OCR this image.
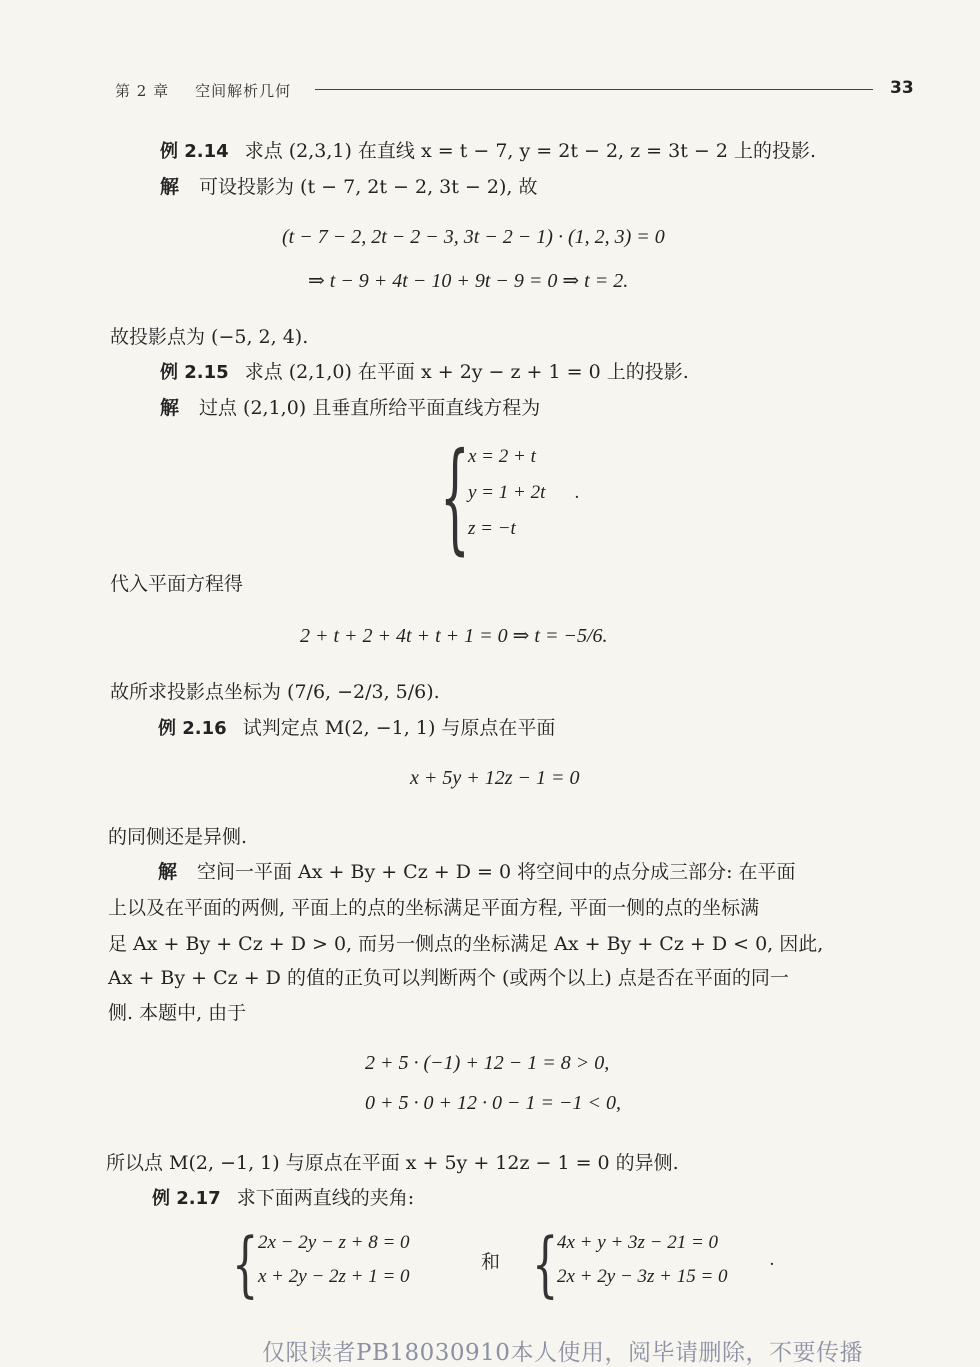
第 2 章 空间解析几何	33
例 2.14 求点 (2,3,1) 在直线 x = t − 7, y = 2t − 2, z = 3t − 2 上的投影.
解 可设投影为 (t − 7, 2t − 2, 3t − 2), 故
(t − 7 − 2, 2t − 2 − 3, 3t − 2 − 1) · (1, 2, 3) = 0
⇒ t − 9 + 4t − 10 + 9t − 9 = 0 ⇒ t = 2.
故投影点为 (−5, 2, 4).
例 2.15 求点 (2,1,0) 在平面 x + 2y − z + 1 = 0 上的投影.
解 过点 (2,1,0) 且垂直所给平面直线方程为
{
x = 2 + t
y = 1 + 2t .
z = −t
代入平面方程得
2 + t + 2 + 4t + t + 1 = 0 ⇒ t = −5/6.
故所求投影点坐标为 (7/6, −2/3, 5/6).
例 2.16 试判定点 M(2, −1, 1) 与原点在平面
x + 5y + 12z − 1 = 0
的同侧还是异侧.
解 空间一平面 Ax + By + Cz + D = 0 将空间中的点分成三部分: 在平面
上以及在平面的两侧, 平面上的点的坐标满足平面方程, 平面一侧的点的坐标满
足 Ax + By + Cz + D > 0, 而另一侧点的坐标满足 Ax + By + Cz + D < 0, 因此,
Ax + By + Cz + D 的值的正负可以判断两个 (或两个以上) 点是否在平面的同一
侧. 本题中, 由于
2 + 5 · (−1) + 12 − 1 = 8 > 0,
0 + 5 · 0 + 12 · 0 − 1 = −1 < 0,
所以点 M(2, −1, 1) 与原点在平面 x + 5y + 12z − 1 = 0 的异侧.
例 2.17 求下面两直线的夹角:
{ 2x − 2y − z + 8 = 0
x + 2y − 2z + 1 = 0
和 {
4x + y + 3z − 21 = 0
2x + 2y − 3z + 15 = 0
.
仅限读者PB18030910本人使用，阅毕请删除，不要传播
